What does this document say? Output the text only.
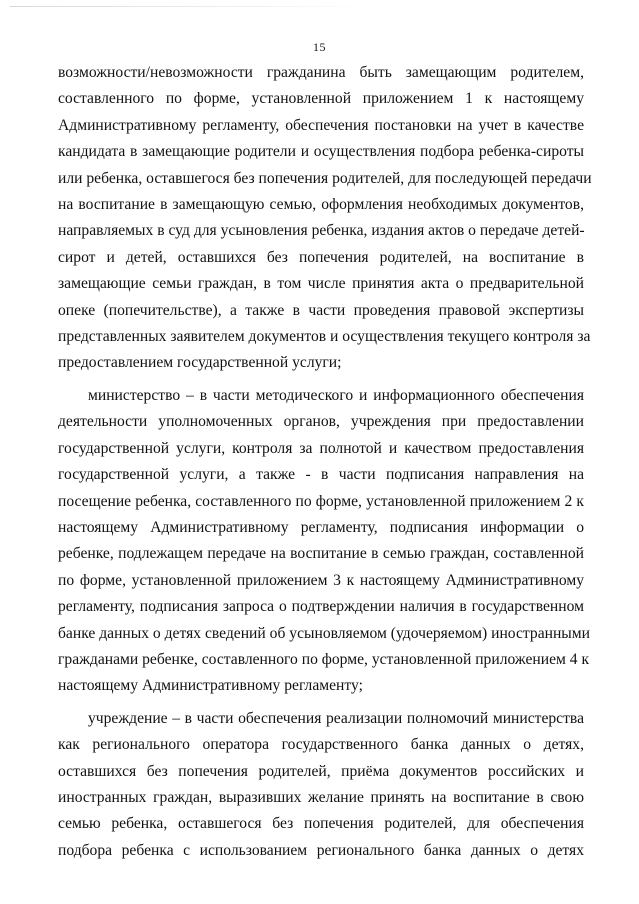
15
возможности/невозможности гражданина быть замещающим родителем,
составленного по форме, установленной приложением 1 к настоящему
Административному регламенту, обеспечения постановки на учет в качестве
кандидата в замещающие родители и осуществления подбора ребенка-сироты
или ребенка, оставшегося без попечения родителей, для последующей передачи
на воспитание в замещающую семью, оформления необходимых документов,
направляемых в суд для усыновления ребенка, издания актов о передаче детей-
сирот и детей, оставшихся без попечения родителей, на воспитание в
замещающие семьи граждан, в том числе принятия акта о предварительной
опеке (попечительстве), а также в части проведения правовой экспертизы
представленных заявителем документов и осуществления текущего контроля за
предоставлением государственной услуги;
министерство – в части методического и информационного обеспечения
деятельности уполномоченных органов, учреждения при предоставлении
государственной услуги, контроля за полнотой и качеством предоставления
государственной услуги, а также - в части подписания направления на
посещение ребенка, составленного по форме, установленной приложением 2 к
настоящему Административному регламенту, подписания информации о
ребенке, подлежащем передаче на воспитание в семью граждан, составленной
по форме, установленной приложением 3 к настоящему Административному
регламенту, подписания запроса о подтверждении наличия в государственном
банке данных о детях сведений об усыновляемом (удочеряемом) иностранными
гражданами ребенке, составленного по форме, установленной приложением 4 к
настоящему Административному регламенту;
учреждение – в части обеспечения реализации полномочий министерства
как регионального оператора государственного банка данных о детях,
оставшихся без попечения родителей, приёма документов российских и
иностранных граждан, выразивших желание принять на воспитание в свою
семью ребенка, оставшегося без попечения родителей, для обеспечения
подбора ребенка с использованием регионального банка данных о детях
